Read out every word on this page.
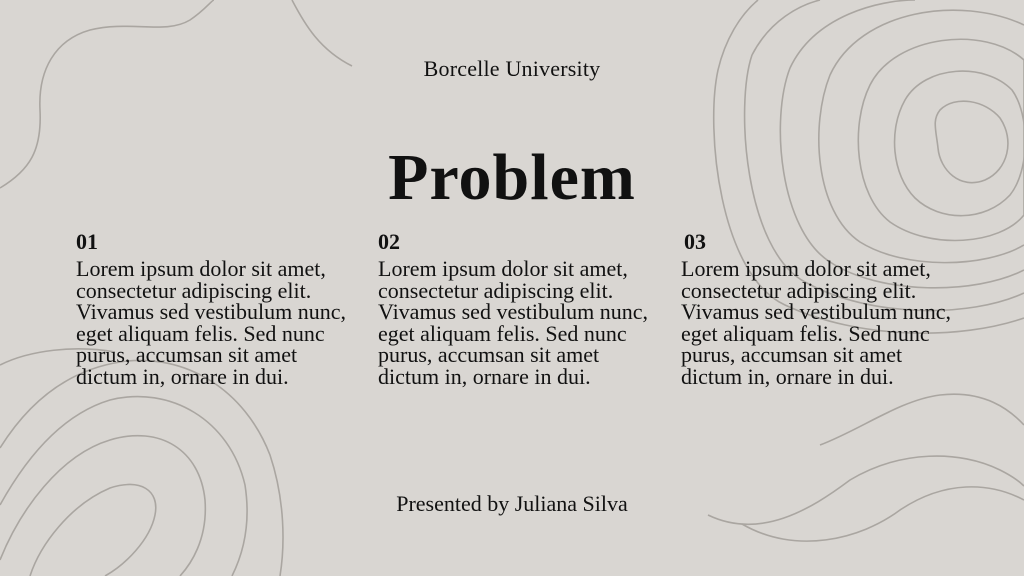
Borcelle University
Problem
01
Lorem ipsum dolor sit amet, consectetur adipiscing elit. Vivamus sed vestibulum nunc, eget aliquam felis. Sed nunc purus, accumsan sit amet dictum in, ornare in dui.
02
Lorem ipsum dolor sit amet, consectetur adipiscing elit. Vivamus sed vestibulum nunc, eget aliquam felis. Sed nunc purus, accumsan sit amet dictum in, ornare in dui.
03
Lorem ipsum dolor sit amet, consectetur adipiscing elit. Vivamus sed vestibulum nunc, eget aliquam felis. Sed nunc purus, accumsan sit amet dictum in, ornare in dui.
Presented by Juliana Silva
